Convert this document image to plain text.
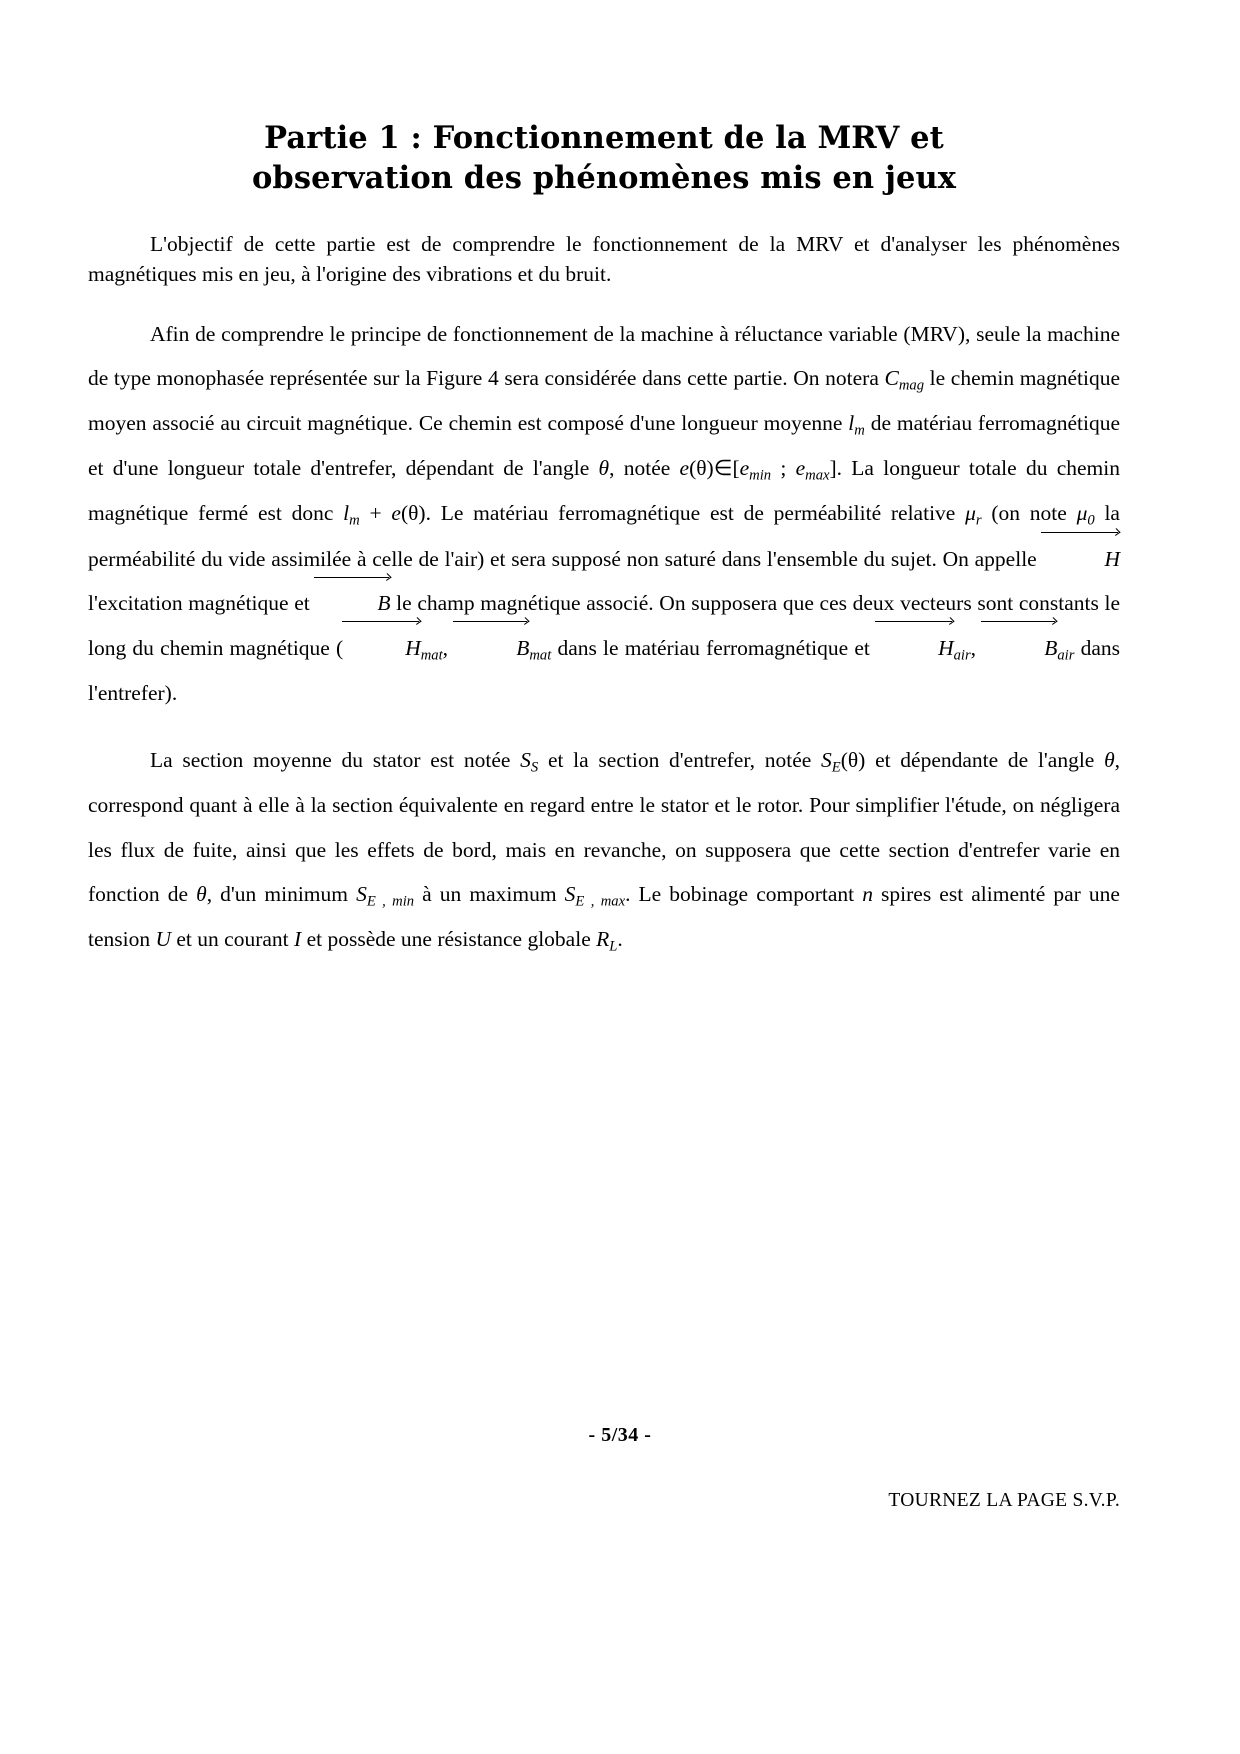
Partie 1 : Fonctionnement de la MRV et
observation des phénomènes mis en jeux

L'objectif de cette partie est de comprendre le fonctionnement de la MRV et d'analyser les phénomènes magnétiques mis en jeu, à l'origine des vibrations et du bruit.

Afin de comprendre le principe de fonctionnement de la machine à réluctance variable (MRV), seule la machine de type monophasée représentée sur la Figure 4 sera considérée dans cette partie. On notera $C_{mag}$ le chemin magnétique moyen associé au circuit magnétique. Ce chemin est composé d'une longueur moyenne $l_m$ de matériau ferromagnétique et d'une longueur totale d'entrefer, dépendant de l'angle θ, notée $e(\theta)\in[e_{min}$ ; $e_{max}$]. La longueur totale du chemin magnétique fermé est donc $l_m + e(\theta)$. Le matériau ferromagnétique est de perméabilité relative $\mu_r$ (on note $\mu_0$ la perméabilité du vide assimilée à celle de l'air) et sera supposé non saturé dans l'ensemble du sujet. On appelle	H l'excitation magnétique et	B le champ magnétique associé. On supposera que ces deux vecteurs sont constants le long du chemin magnétique (	$H_{mat}$,	$B_{mat}$ dans le matériau ferromagnétique et	$H_{air}$,	$B_{air}$ dans l'entrefer).

La section moyenne du stator est notée $S_S$ et la section d'entrefer, notée $S_E(\theta)$ et dépendante de l'angle θ, correspond quant à elle à la section équivalente en regard entre le stator et le rotor. Pour simplifier l'étude, on négligera les flux de fuite, ainsi que les effets de bord, mais en revanche, on supposera que cette section d'entrefer varie en fonction de θ, d'un minimum $S_{E , min}$ à un maximum $S_{E , max}$. Le bobinage comportant n spires est alimenté par une tension U et un courant I et possède une résistance globale $R_L$.

- 5/34 -
TOURNEZ LA PAGE S.V.P.
